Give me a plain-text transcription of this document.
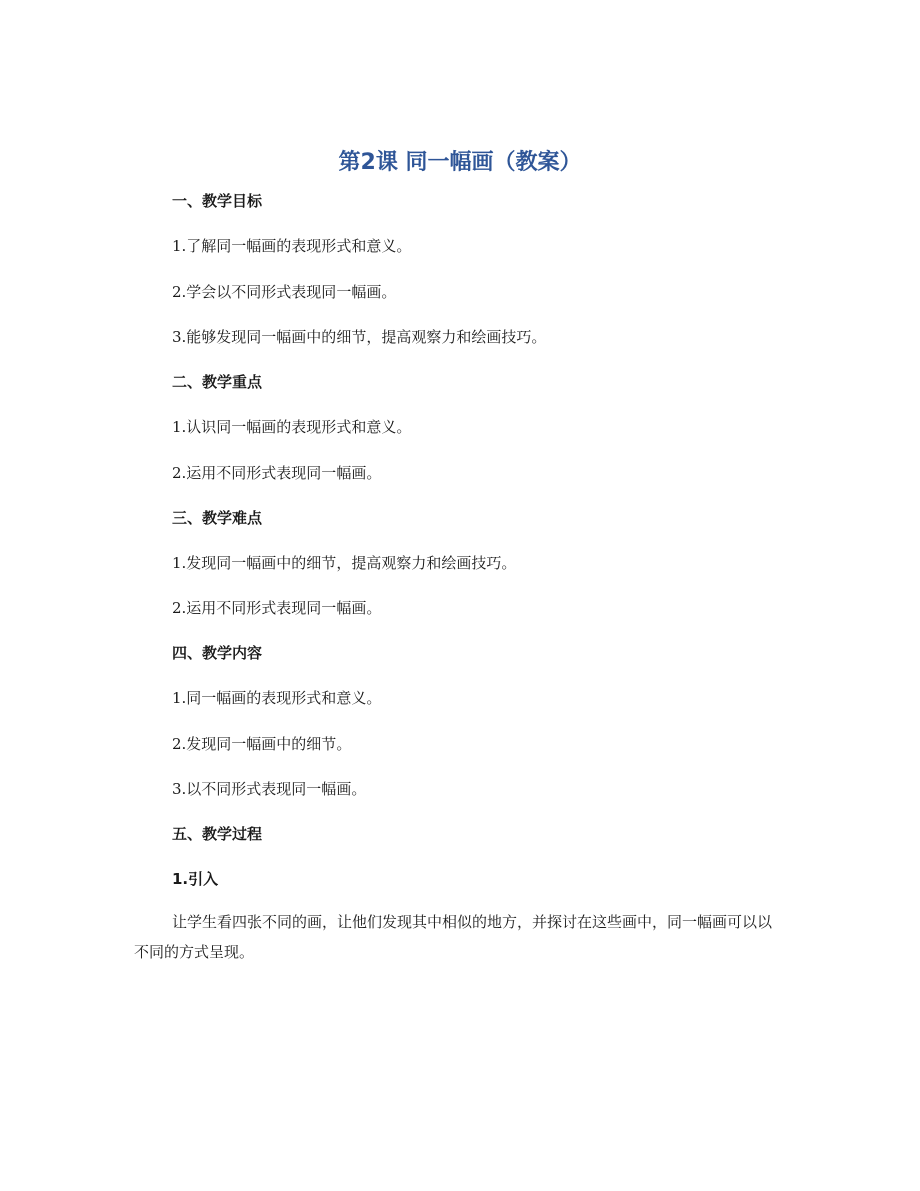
第2课 同一幅画（教案）
一、教学目标
1.了解同一幅画的表现形式和意义。
2.学会以不同形式表现同一幅画。
3.能够发现同一幅画中的细节，提高观察力和绘画技巧。
二、教学重点
1.认识同一幅画的表现形式和意义。
2.运用不同形式表现同一幅画。
三、教学难点
1.发现同一幅画中的细节，提高观察力和绘画技巧。
2.运用不同形式表现同一幅画。
四、教学内容
1.同一幅画的表现形式和意义。
2.发现同一幅画中的细节。
3.以不同形式表现同一幅画。
五、教学过程
1.引入
让学生看四张不同的画，让他们发现其中相似的地方，并探讨在这些画中，同一幅画可以以不同的方式呈现。
